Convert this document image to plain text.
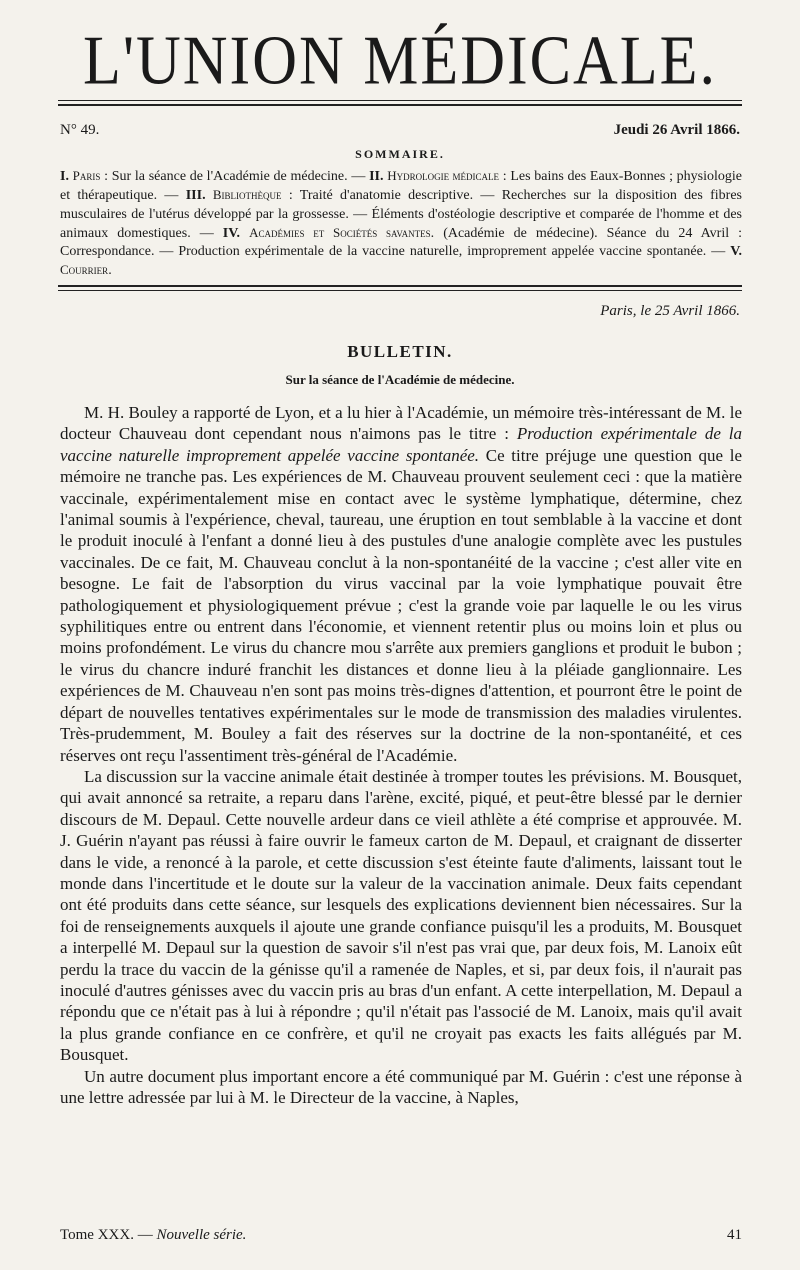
L'UNION MÉDICALE.
N° 49.	Jeudi 26 Avril 1866.
SOMMAIRE.
I. Paris : Sur la séance de l'Académie de médecine. — II. Hydrologie médicale : Les bains des Eaux-Bonnes ; physiologie et thérapeutique. — III. Bibliothèque : Traité d'anatomie descriptive. — Recherches sur la disposition des fibres musculaires de l'utérus développé par la grossesse. — Éléments d'ostéologie descriptive et comparée de l'homme et des animaux domestiques. — IV. Académies et Sociétés savantes. (Académie de médecine). Séance du 24 Avril : Correspondance. — Production expérimentale de la vaccine naturelle, improprement appelée vaccine spontanée. — V. Courrier.
Paris, le 25 Avril 1866.
BULLETIN.
Sur la séance de l'Académie de médecine.

M. H. Bouley a rapporté de Lyon, et a lu hier à l'Académie, un mémoire très-intéressant de M. le docteur Chauveau dont cependant nous n'aimons pas le titre : Production expérimentale de la vaccine naturelle improprement appelée vaccine spontanée. Ce titre préjuge une question que le mémoire ne tranche pas. Les expériences de M. Chauveau prouvent seulement ceci : que la matière vaccinale, expérimentalement mise en contact avec le système lymphatique, détermine, chez l'animal soumis à l'expérience, cheval, taureau, une éruption en tout semblable à la vaccine et dont le produit inoculé à l'enfant a donné lieu à des pustules d'une analogie complète avec les pustules vaccinales. De ce fait, M. Chauveau conclut à la non-spontanéité de la vaccine ; c'est aller vite en besogne. Le fait de l'absorption du virus vaccinal par la voie lymphatique pouvait être pathologiquement et physiologiquement prévue ; c'est la grande voie par laquelle le ou les virus syphilitiques entre ou entrent dans l'économie, et viennent retentir plus ou moins loin et plus ou moins profondément. Le virus du chancre mou s'arrête aux premiers ganglions et produit le bubon ; le virus du chancre induré franchit les distances et donne lieu à la pléiade ganglionnaire. Les expériences de M. Chauveau n'en sont pas moins très-dignes d'attention, et pourront être le point de départ de nouvelles tentatives expérimentales sur le mode de transmission des maladies virulentes. Très-prudemment, M. Bouley a fait des réserves sur la doctrine de la non-spontanéité, et ces réserves ont reçu l'assentiment très-général de l'Académie.

La discussion sur la vaccine animale était destinée à tromper toutes les prévisions. M. Bousquet, qui avait annoncé sa retraite, a reparu dans l'arène, excité, piqué, et peut-être blessé par le dernier discours de M. Depaul. Cette nouvelle ardeur dans ce vieil athlète a été comprise et approuvée. M. J. Guérin n'ayant pas réussi à faire ouvrir le fameux carton de M. Depaul, et craignant de disserter dans le vide, a renoncé à la parole, et cette discussion s'est éteinte faute d'aliments, laissant tout le monde dans l'incertitude et le doute sur la valeur de la vaccination animale. Deux faits cependant ont été produits dans cette séance, sur lesquels des explications deviennent bien nécessaires. Sur la foi de renseignements auxquels il ajoute une grande confiance puisqu'il les a produits, M. Bousquet a interpellé M. Depaul sur la question de savoir s'il n'est pas vrai que, par deux fois, M. Lanoix eût perdu la trace du vaccin de la génisse qu'il a ramenée de Naples, et si, par deux fois, il n'aurait pas inoculé d'autres génisses avec du vaccin pris au bras d'un enfant. A cette interpellation, M. Depaul a répondu que ce n'était pas à lui à répondre ; qu'il n'était pas l'associé de M. Lanoix, mais qu'il avait la plus grande confiance en ce confrère, et qu'il ne croyait pas exacts les faits allégués par M. Bousquet.

Un autre document plus important encore a été communiqué par M. Guérin : c'est une réponse à une lettre adressée par lui à M. le Directeur de la vaccine, à Naples,

Tome XXX. — Nouvelle série.	41
